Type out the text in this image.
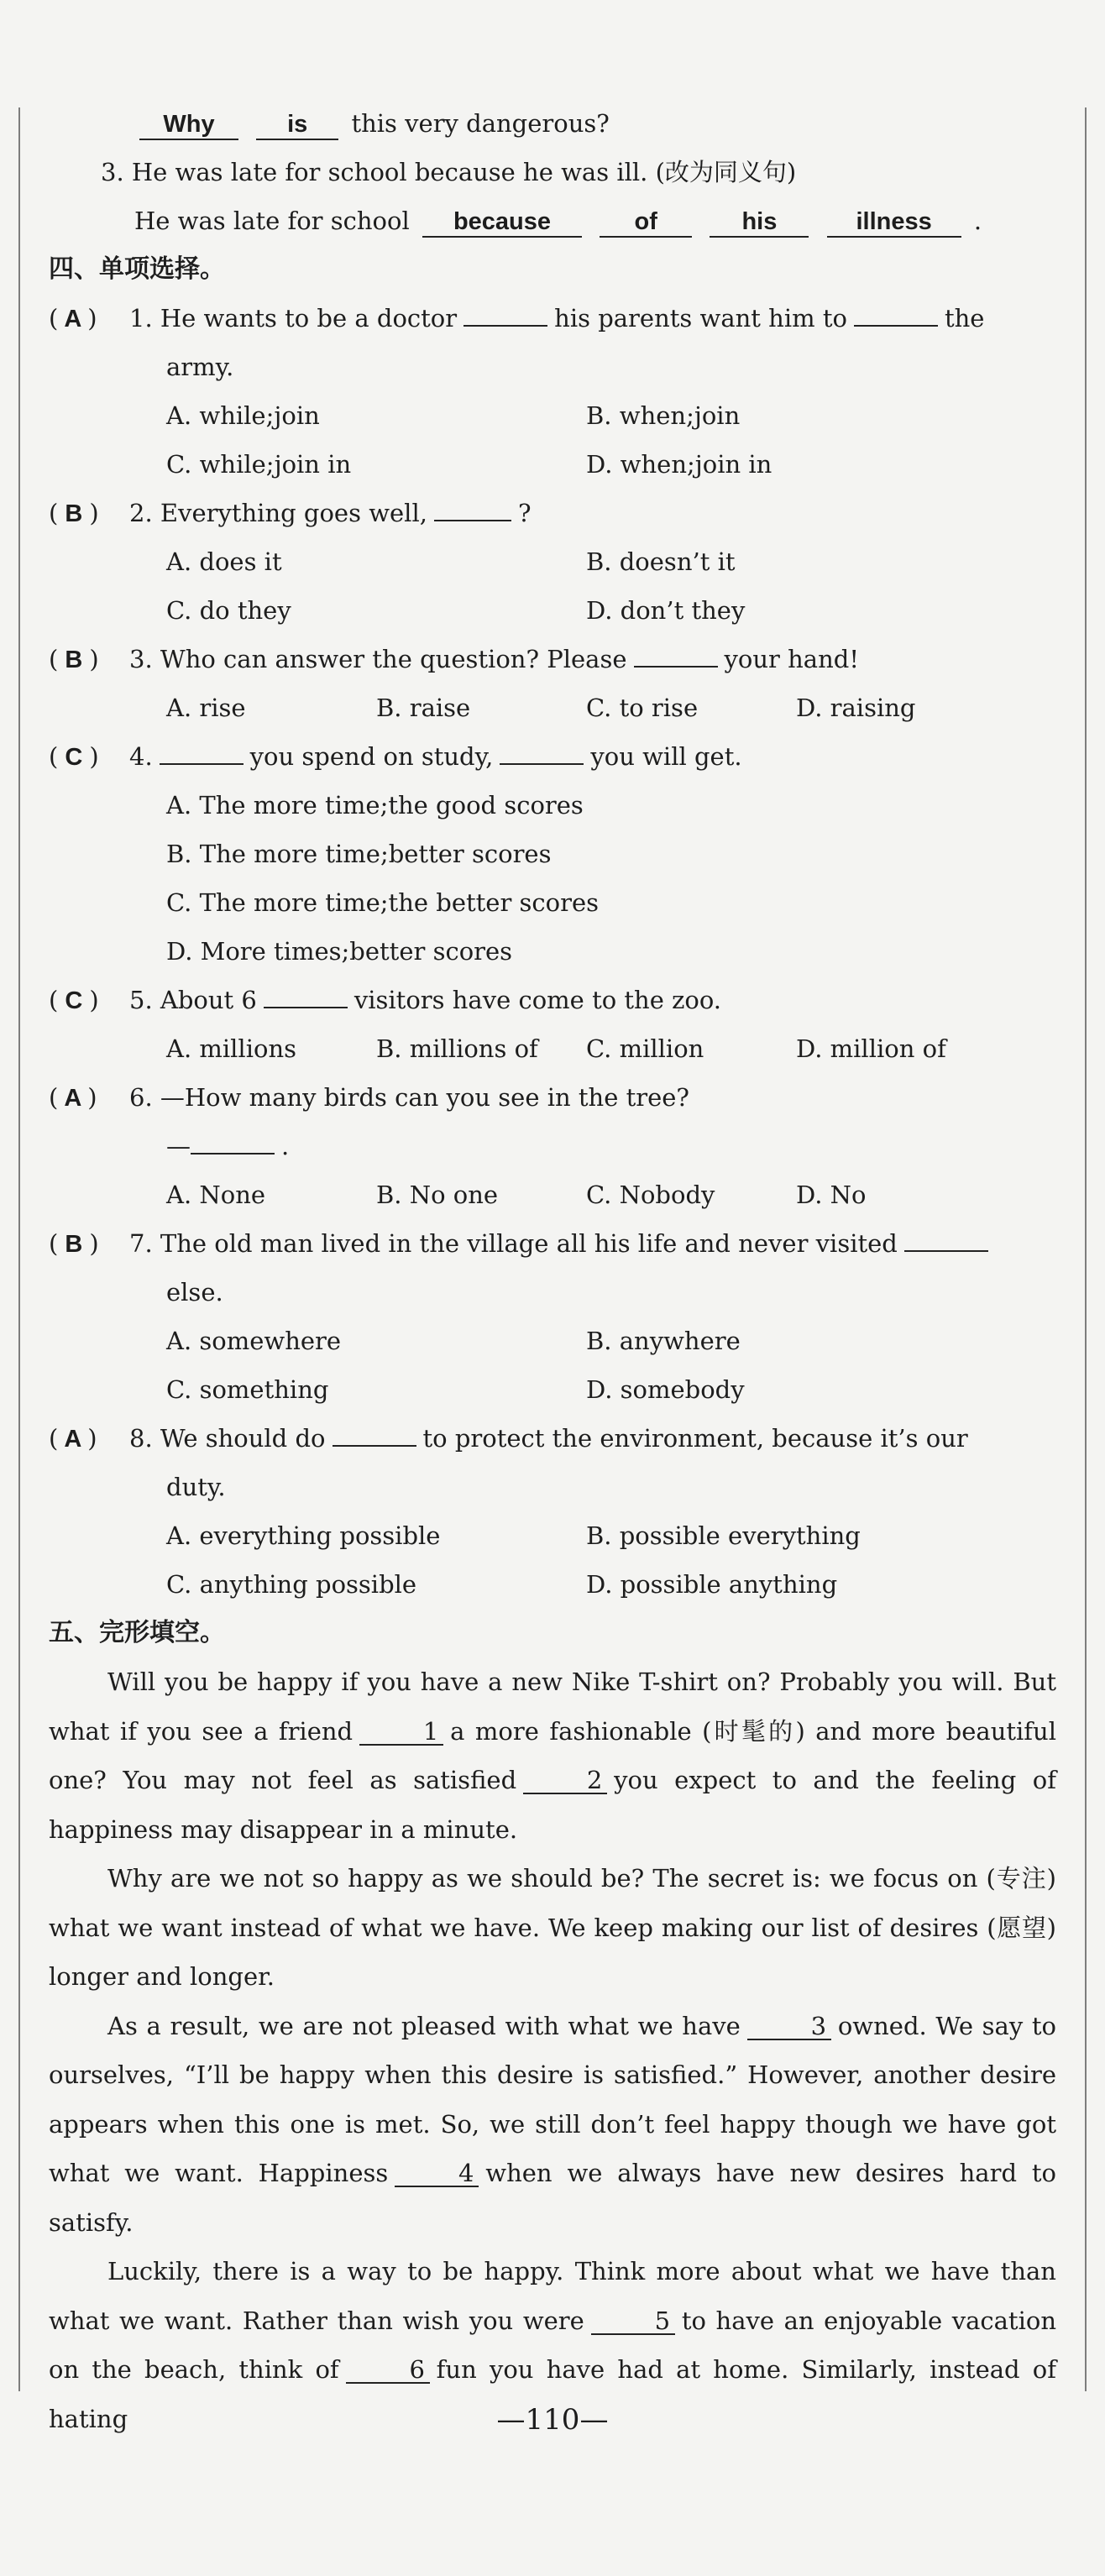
Why	is this very dangerous?
3. He was late for school because he was ill. (改为同义句)
He was late for school because	of	his	illness .
四、单项选择。
( A )	1. He wants to be a doctor	his parents want him to	the
army.
A. while;join	B. when;join
C. while;join in	D. when;join in
( B )	2. Everything goes well,	?
A. does it	B. doesn’t it
C. do they	D. don’t they
( B )	3. Who can answer the question? Please	your hand!
A. rise	B. raise	C. to rise	D. raising
( C )	4.	you spend on study,	you will get.
A. The more time;the good scores
B. The more time;better scores
C. The more time;the better scores
D. More times;better scores
( C )	5. About 6	visitors have come to the zoo.
A. millions	B. millions of	C. million	D. million of
( A )	6. —How many birds can you see in the tree?
—	.
A. None	B. No one	C. Nobody	D. No
( B )	7. The old man lived in the village all his life and never visited
else.
A. somewhere	B. anywhere
C. something	D. somebody
( A )	8. We should do	to protect the environment, because it’s our
duty.
A. everything possible	B. possible everything
C. anything possible	D. possible anything
五、完形填空。

Will you be happy if you have a new Nike T-shirt on? Probably you will. But what if you see a friend	1 a more fashionable (时髦的) and more beautiful one? You may not feel as satisfied	2 you expect to and the feeling of happiness may disappear in a minute.

Why are we not so happy as we should be? The secret is: we focus on (专注) what we want instead of what we have. We keep making our list of desires (愿望) longer and longer.

As a result, we are not pleased with what we have	3 owned. We say to ourselves, “I’ll be happy when this desire is satisfied.” However, another desire appears when this one is met. So, we still don’t feel happy though we have got what we want. Happiness	4 when we always have new desires hard to satisfy.

Luckily, there is a way to be happy. Think more about what we have than what we want. Rather than wish you were	5 to have an enjoyable vacation on the beach, think of	6 fun you have had at home. Similarly, instead of hating	—110—
